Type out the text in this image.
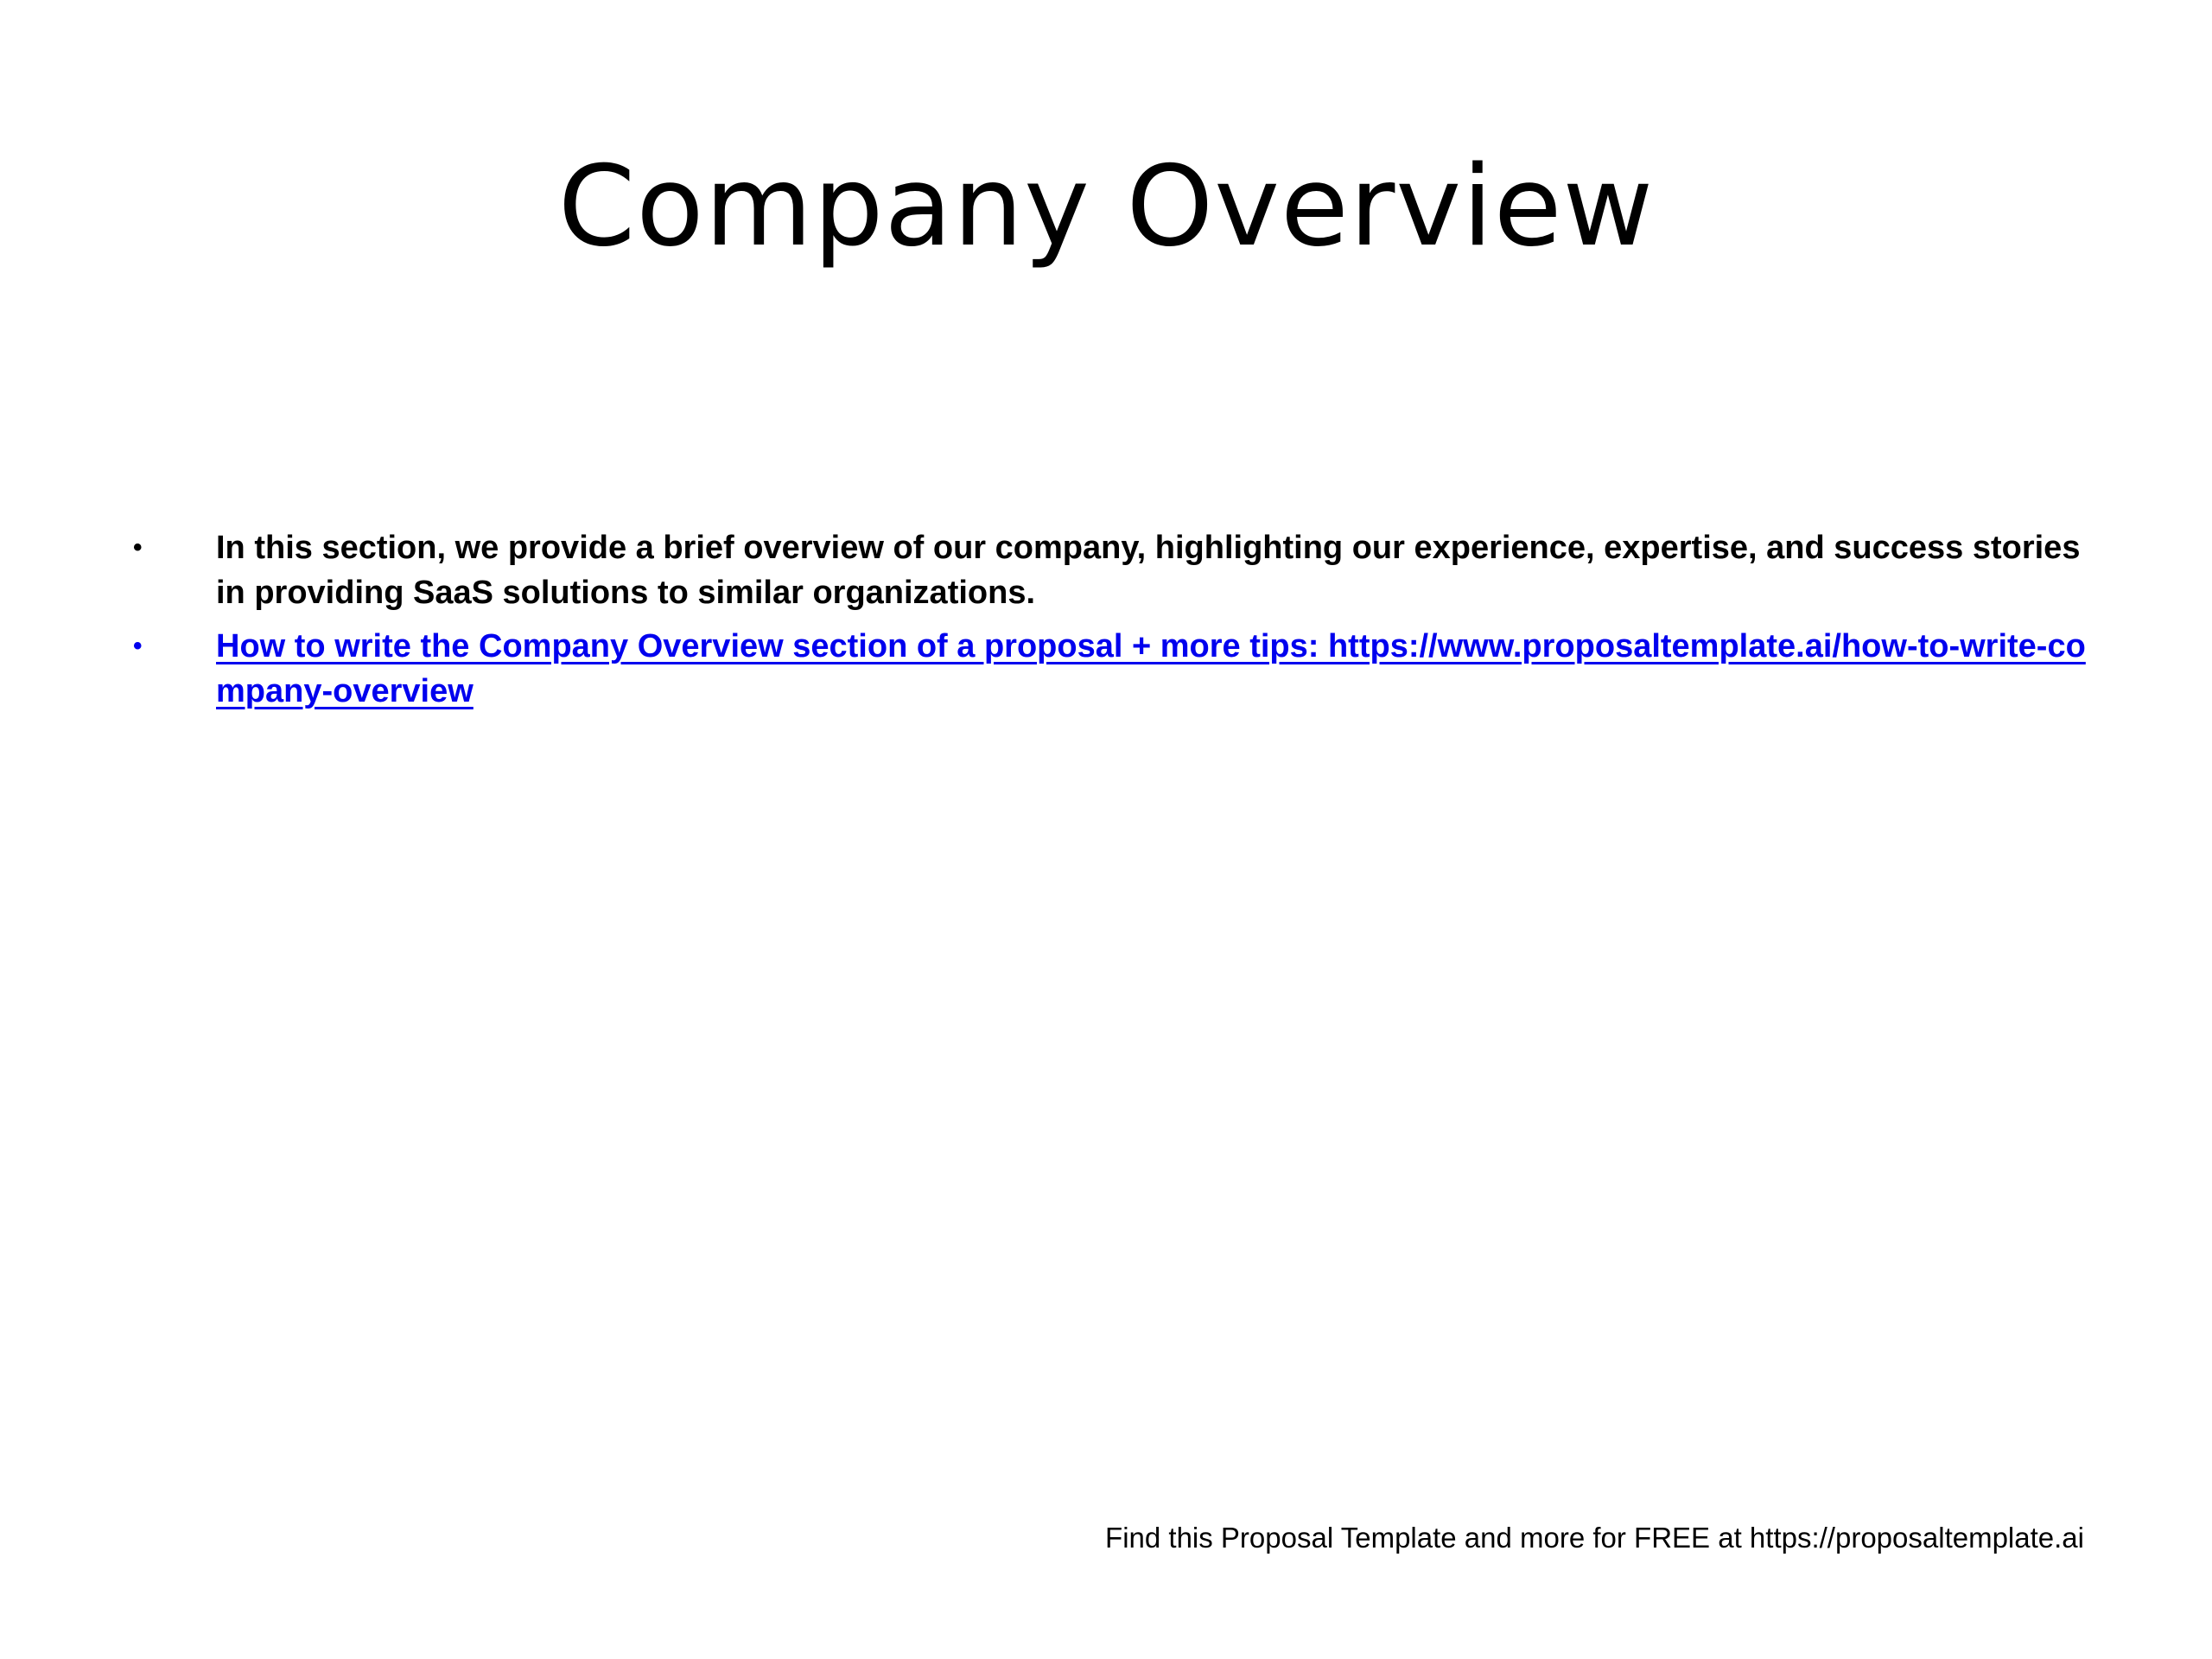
Company Overview
• In this section, we provide a brief overview of our company, highlighting our experience, expertise, and success stories in providing SaaS solutions to similar organizations.
• How to write the Company Overview section of a proposal + more tips: https://www.proposaltemplate.ai/how-to-write-company-overview
Find this Proposal Template and more for FREE at https://proposaltemplate.ai
